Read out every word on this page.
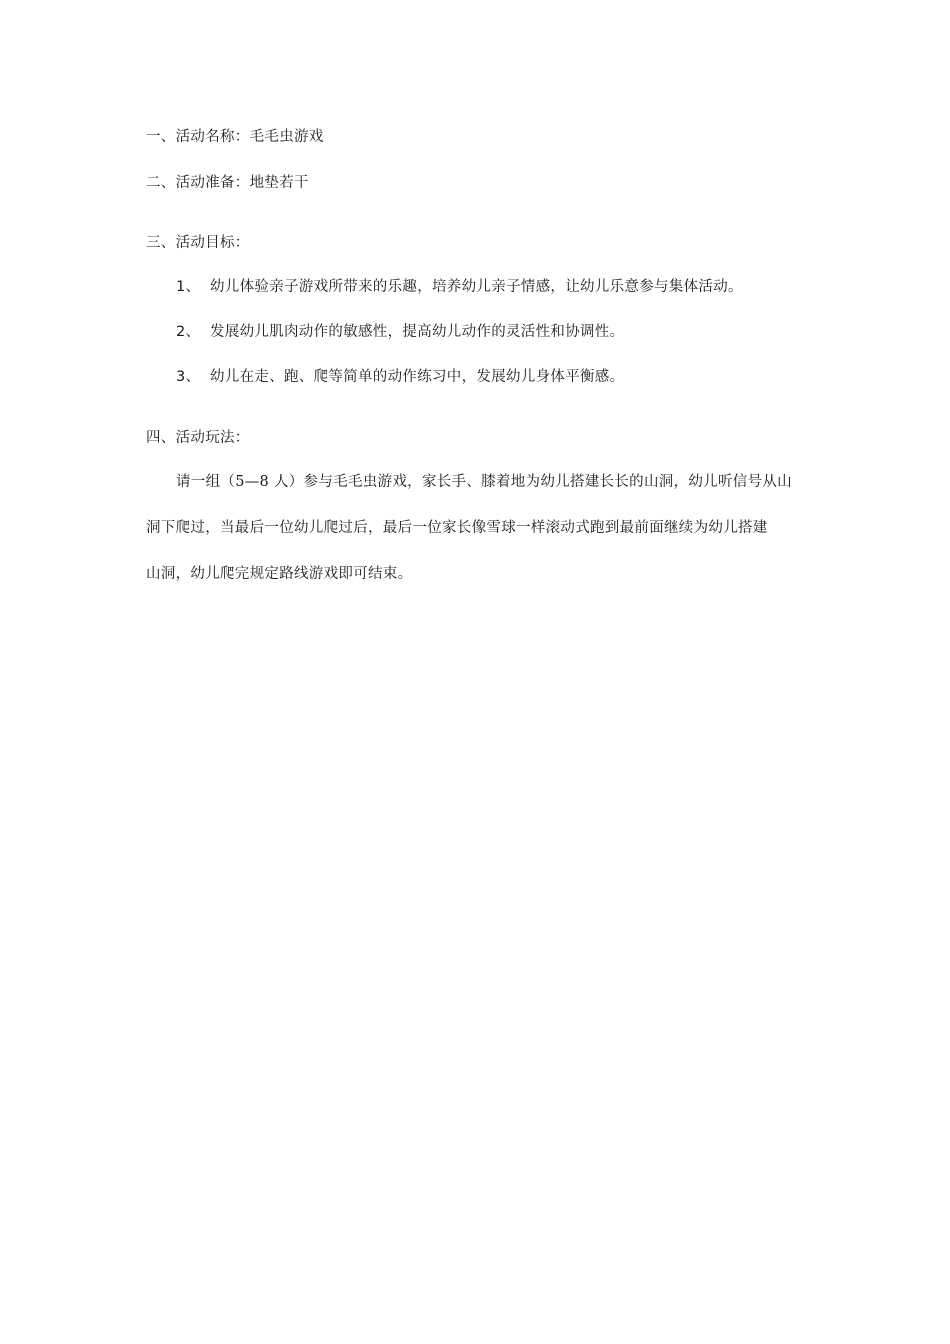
一、活动名称：毛毛虫游戏
二、活动准备：地垫若干
三、活动目标：
1、 幼儿体验亲子游戏所带来的乐趣，培养幼儿亲子情感，让幼儿乐意参与集体活动。
2、 发展幼儿肌肉动作的敏感性，提高幼儿动作的灵活性和协调性。
3、 幼儿在走、跑、爬等简单的动作练习中，发展幼儿身体平衡感。
四、活动玩法：
请一组（5—8 人）参与毛毛虫游戏，家长手、膝着地为幼儿搭建长长的山洞，幼儿听信号从山
洞下爬过，当最后一位幼儿爬过后，最后一位家长像雪球一样滚动式跑到最前面继续为幼儿搭建
山洞，幼儿爬完规定路线游戏即可结束。
